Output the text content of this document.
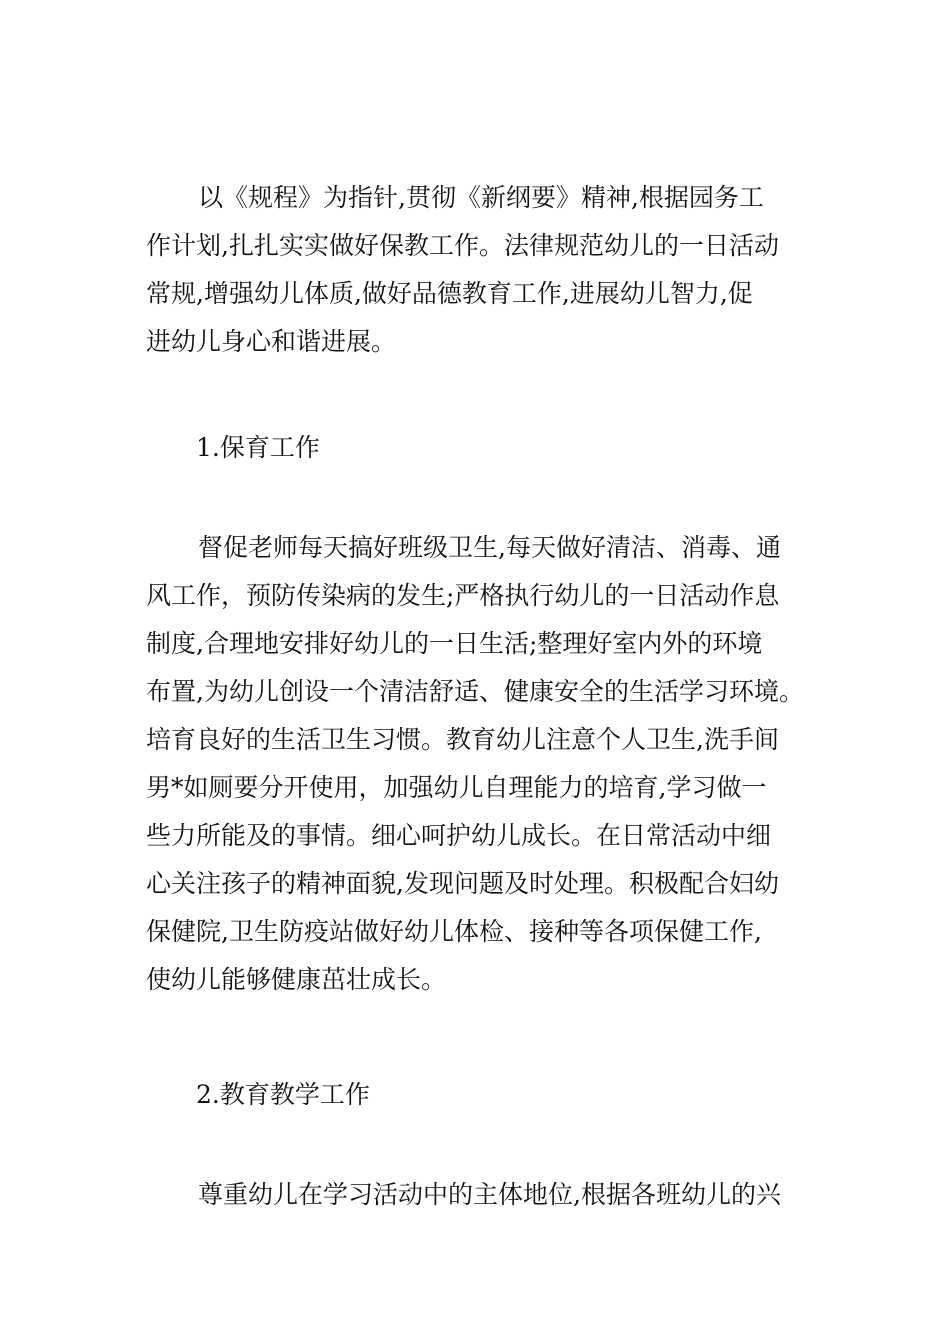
以《规程》为指针,贯彻《新纲要》精神,根据园务工
作计划,扎扎实实做好保教工作。法律规范幼儿的一日活动
常规,增强幼儿体质,做好品德教育工作,进展幼儿智力,促
进幼儿身心和谐进展。
1.保育工作
督促老师每天搞好班级卫生,每天做好清洁、消毒、通
风工作，预防传染病的发生;严格执行幼儿的一日活动作息
制度,合理地安排好幼儿的一日生活;整理好室内外的环境
布置,为幼儿创设一个清洁舒适、健康安全的生活学习环境。
培育良好的生活卫生习惯。教育幼儿注意个人卫生,洗手间
男*如厕要分开使用，加强幼儿自理能力的培育,学习做一
些力所能及的事情。细心呵护幼儿成长。在日常活动中细
心关注孩子的精神面貌,发现问题及时处理。积极配合妇幼
保健院,卫生防疫站做好幼儿体检、接种等各项保健工作,
使幼儿能够健康茁壮成长。
2.教育教学工作
尊重幼儿在学习活动中的主体地位,根据各班幼儿的兴
